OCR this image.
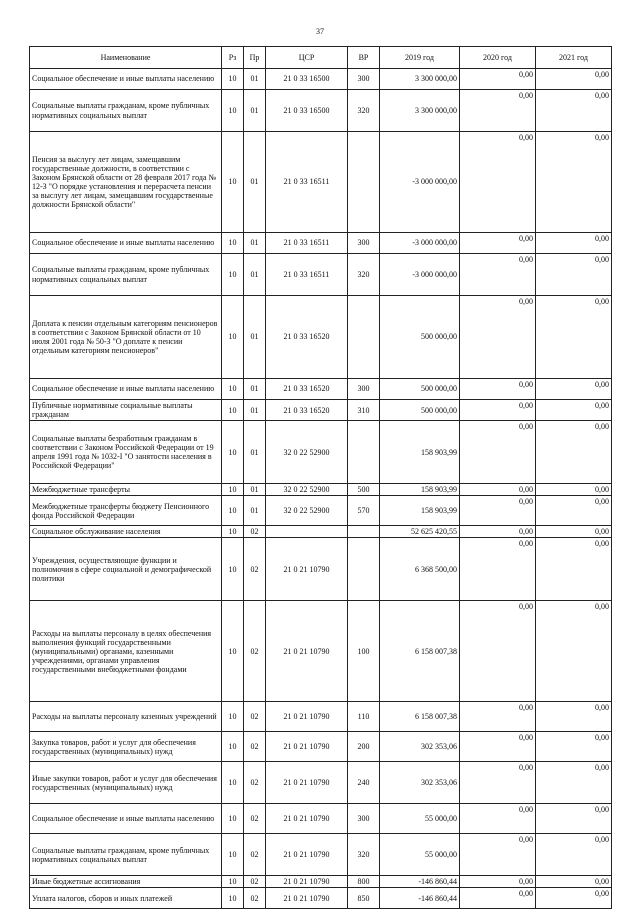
37
Наименование	Рз	Пр	ЦСР	ВР	2019 год	2020 год	2021 год
Социальное обеспечение и иные выплаты населению	10	01	21 0 33 16500	300	3 300 000,00	0,00	0,00
Социальные выплаты гражданам, кроме публичных нормативных социальных выплат	10	01	21 0 33 16500	320	3 300 000,00	0,00	0,00
Пенсия за выслугу лет лицам, замещавшим государственные должности, в соответствии с Законом Брянской области от 28 февраля 2017 года № 12-З "О порядке установления и перерасчета пенсии за выслугу лет лицам, замещавшим государственные должности Брянской области"	10	01	21 0 33 16511		-3 000 000,00	0,00	0,00
Социальное обеспечение и иные выплаты населению	10	01	21 0 33 16511	300	-3 000 000,00	0,00	0,00
Социальные выплаты гражданам, кроме публичных нормативных социальных выплат	10	01	21 0 33 16511	320	-3 000 000,00	0,00	0,00
Доплата к пенсии отдельным категориям пенсионеров в соответствии с Законом Брянской области от 10 июля 2001 года № 50-З "О доплате к пенсии отдельным категориям пенсионеров"	10	01	21 0 33 16520		500 000,00	0,00	0,00
Социальное обеспечение и иные выплаты населению	10	01	21 0 33 16520	300	500 000,00	0,00	0,00
Публичные нормативные социальные выплаты гражданам	10	01	21 0 33 16520	310	500 000,00	0,00	0,00
Социальные выплаты безработным гражданам в соответствии с Законом Российской Федерации от 19 апреля 1991 года № 1032-I "О занятости населения в Российской Федерации"	10	01	32 0 22 52900		158 903,99	0,00	0,00
Межбюджетные трансферты	10	01	32 0 22 52900	500	158 903,99	0,00	0,00
Межбюджетные трансферты бюджету Пенсионного фонда Российской Федерации	10	01	32 0 22 52900	570	158 903,99	0,00	0,00
Социальное обслуживание населения	10	02			52 625 420,55	0,00	0,00
Учреждения, осуществляющие функции и полномочия в сфере социальной и демографической политики	10	02	21 0 21 10790		6 368 500,00	0,00	0,00
Расходы на выплаты персоналу в целях обеспечения выполнения функций государственными (муниципальными) органами, казенными учреждениями, органами управления государственными внебюджетными фондами	10	02	21 0 21 10790	100	6 158 007,38	0,00	0,00
Расходы на выплаты персоналу казенных учреждений	10	02	21 0 21 10790	110	6 158 007,38	0,00	0,00
Закупка товаров, работ и услуг для обеспечения государственных (муниципальных) нужд	10	02	21 0 21 10790	200	302 353,06	0,00	0,00
Иные закупки товаров, работ и услуг для обеспечения государственных (муниципальных) нужд	10	02	21 0 21 10790	240	302 353,06	0,00	0,00
Социальное обеспечение и иные выплаты населению	10	02	21 0 21 10790	300	55 000,00	0,00	0,00
Социальные выплаты гражданам, кроме публичных нормативных социальных выплат	10	02	21 0 21 10790	320	55 000,00	0,00	0,00
Иные бюджетные ассигнования	10	02	21 0 21 10790	800	-146 860,44	0,00	0,00
Уплата налогов, сборов и иных платежей	10	02	21 0 21 10790	850	-146 860,44	0,00	0,00
